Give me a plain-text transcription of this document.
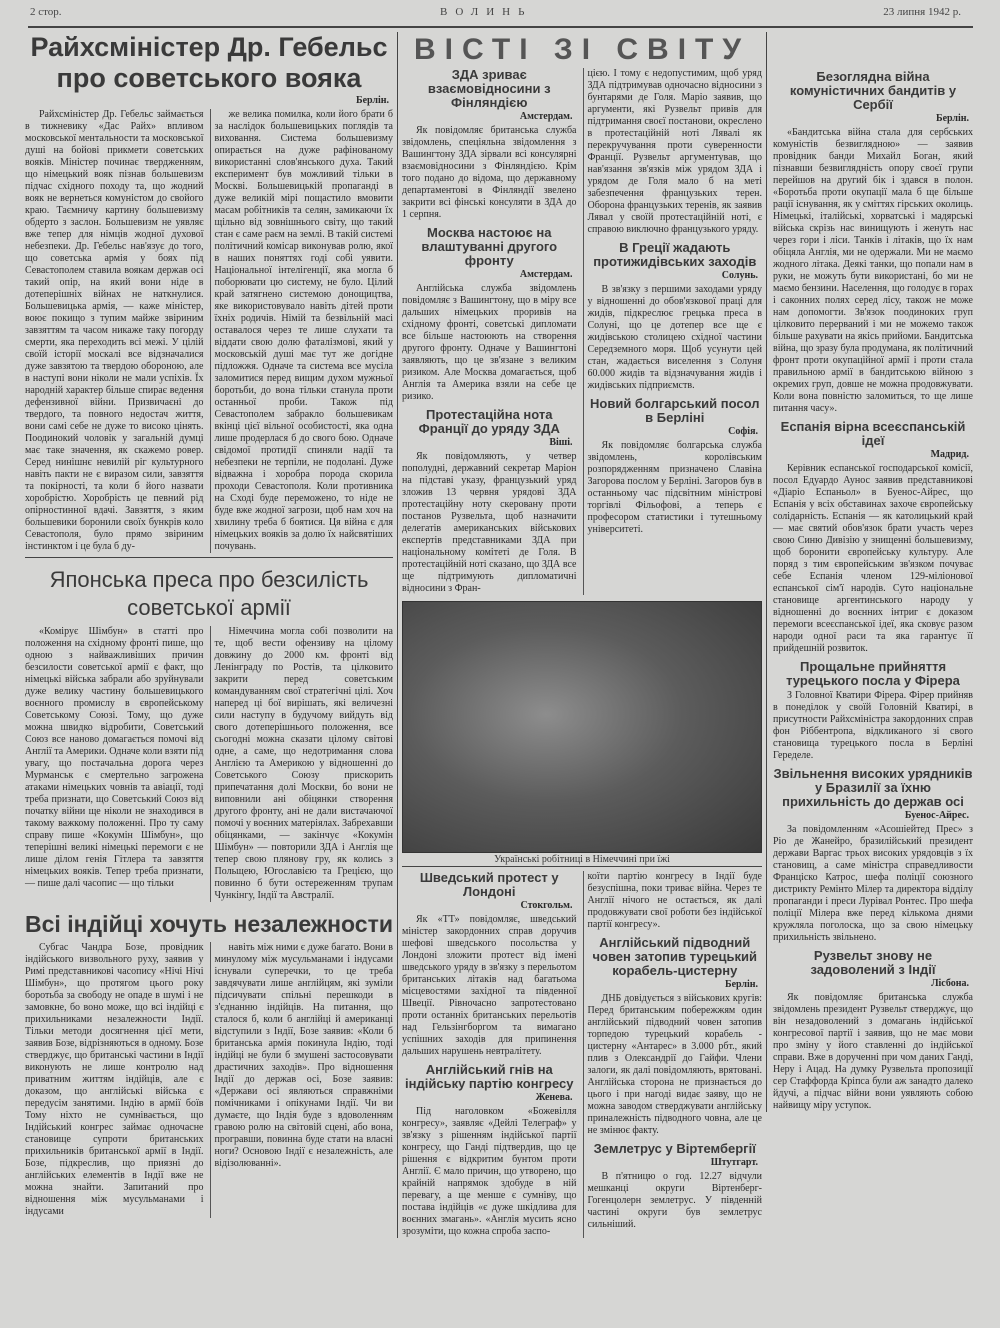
2 стор.	ВОЛИНЬ	23 липня 1942 р.
Райхсміністер Др. Гебельс про советського вояка
Берлін.

Райхсміністер Др. Гебельс займається в тижневику «Дас Райх» впливом московської ментальности та московської душі на бойові прикмети советських вояків. Міністер починає твердженням, що німецький вояк пізнав большевизм підчас східного походу та, що жодний вояк не вернеться комуністом до свойого краю. Таємничу картину большевизму обдерто з заслон. Большевизм не уявляє вже тепер для німців жодної духової небезпеки. Др. Гебельс нав'язує до того, що советська армія у боях під Севастополем ставила воякам держав осі такий опір, на який вони ніде в дотеперішніх війнах не наткнулися. Большевицька армія, — каже міністер, воює покищо з тупим майже звіриним завзяттям та часом никаже таку погорду смерти, яка переходить всі межі. У цілій своїй історії москалі все відзначалися дуже завзятою та твердою обороною, але в наступі вони ніколи не мали успіхів. Їх народній характер більше спирає ведення дефензивної війни. Призвичаєні до твердого, та повного недостач життя, вони самі себе не дуже то високо цінять. Поодинокий чоловік у загальній думці має таке значення, як скажемо ровер. Серед нинішнє невилій ріг культурного навіть пакти не є виразом сили, завзяття та покірності, та коли б його назвати хоробрістю. Хоробрість це певний рід опірностинної вдачі. Завзяття, з яким большевики боронили своїх бункрів коло Севастополя, було прямо звіриним інстинктом і це була б ду-

же велика помилка, коли його брати б за наслідок большевицьких поглядів та виховання. Система большевизму опирається на дуже рафінованому використанні слов'янського духа. Такий експеримент був можливий тільки в Москві. Большевицькій пропаганді в дуже великій мірі пощастило вмовити масам робітників та селян, замикаючи їх щільно від зовнішнього світу, що такий стан є саме раєм на землі. В такій системі політичний комісар виконував ролю, якої в наших поняттях годі собі уявити. Національної інтелігенції, яка могла б поборювати цю систему, не було. Цілий край затягнено системою донощицтва, яке використовувало навіть дітей проти їхніх родичів. Німій та безвільній масі оставалося через те лише слухати та віддати свою долю фаталізмові, який у московській душі має тут же догідне підложжя. Одначе та система все мусіла заломитися перед вищим духом мужньої боротьби, до вона тільки станула проти останньої проби. Також під Севастополем забракло большевикам вкінці цієї вільної особистості, яка одна лише продерлася б до свого бою. Одначе свідомої протидії спиняли надії та небезпеки не терпіли, не подолані. Дуже відважна і хоробра порода скорила проходи Севастополя. Коли противника на Сході буде переможено, то ніде не буде вже жодної загрози, щоб нам хоч на хвилину треба б боятися. Ця війна є для німецьких вояків за долю їх найсвятіших почувань.

Японська преса про безсилість советської армії

«Комірує Шімбун» в статті про положення на східному фронті пише, що одною з найважливіших причин безсилости советської армії є факт, що німецькі війська забрали або зруйнували дуже велику частину большевицького воєнного промислу в європейському Советському Союзі. Тому, що дуже можна швидко відробити, Советський Союз все наново домагається помочі від Англії та Америки. Одначе коли взяти під увагу, що постачальна дорога через Мурманськ є смертельно загрожена атаками німецьких човнів та авіації, тоді треба признати, що Советський Союз від початку війни ще ніколи не знаходився в такому важкому положенні. Про ту саму справу пише «Кокумін Шімбун», що теперішні великі німецькі перемоги є не лише ділом генія Гітлера та завзяття німецьких вояків. Тепер треба признати, — пише далі часопис — що тільки

Німеччина могла собі позволити на те, щоб вести офензиву на цілому довжину до 2000 км. фронті від Ленінграду по Ростів, та цілковито закрити перед советським командуванням свої стратегічні цілі. Хоч наперед ці бої вирішать, які величезні сили наступу в будучому вийдуть від свого дотеперішнього положення, все сьогодні можна сказати цілому світові одне, а саме, що недотримання слова Англією та Америкою у відношенні до Советського Союзу прискорить припечатання долі Москви, бо вони не виповнили ані обіцянки створення другого фронту, ані не дали вистачаючої помочі у воєнних матеріялах. Забрехавши обіцянками, — закінчує «Кокумін Шімбун» — повторили ЗДА і Англія ще тепер свою плянову гру, як колись з Польщею, Югославією та Грецією, що повинно б бути остереженням трупам Чункінгу, Індії та Австралії.

Всі індійці хочуть незалежности

Субгас Чандра Бозе, провідник індійського визвольного руху, заявив у Римі представникові часопису «Нічі Нічі Шімбун», що протягом цього року боротьба за свободу не опаде в шумі і не замовкне, бо воно може, що всі індійці є прихильниками незалежности Індії. Тільки методи досягнення цієї мети, заявив Бозе, відрізняються в одному. Бозе стверджує, що британські частини в Індії виконують не лише контролю над приватним життям індійців, але є доказом, що англійські війська є передусім занятими. Індію в армії боїв Тому ніхто не сумнівається, що Індійський конгрес займає одночасне становище супроти британських прихильників британської армії в Індії. Бозе, підкреслив, що приязні до англійських елементів в Індії вже не можна знайти. Запитаний про відношення між мусульманами і індусами

навіть між ними є дуже багато. Вони в минулому між мусульманами і індусами існували суперечки, то це треба завдячувати лише англійцям, які зуміли підсичувати спільні перешкоди в з'єднанню індійців. На питання, що сталося б, коли б англійці й американці відступили з Індії, Бозе заявив: «Коли б британська армія покинула Індію, тоді індійці не були б змушені застосовувати драстичних заходів». Про відношення Індії до держав осі, Бозе заявив: «Держави осі являються справжніми помічниками і опікунами Індії. Чи ви думаєте, що Індія буде з вдоволенням гравою ролю на світовій сцені, або вона, програвши, повинна буде стати на власні ноги? Основою Індії є незалежність, але відізолюванні».

ВІСТІ ЗІ СВІТУ
ЗДА зриває взаємовідносини з Фінляндією
Амстердам.

Як повідомляє британська служба звідомлень, спеціяльна звідомлення з Вашингтону ЗДА зірвали всі консулярні взаємовідносини з Фінляндією. Крім того подано до відома, що державному департаментові в Фінляндії звелено закрити всі фінські консуляти в ЗДА до 1 серпня.

Москва настоює на влаштуванні другого фронту
Амстердам.

Англійська служба звідомлень повідомляє з Вашингтону, що в міру все дальших німецьких проривів на східному фронті, советські дипломати все більше настоюють на створення другого фронту. Одначе у Вашингтоні заявляють, що це зв'язане з великим ризиком. Але Москва домагається, щоб Англія та Америка взяли на себе це ризико.

Протестаційна нота Франції до уряду ЗДА
Віші.

Як повідомляють, у четвер пополудні, державний секретар Маріон на підставі указу, французький уряд зложив 13 червня урядові ЗДА протестаційну ноту скеровану проти постанов Рузвельта, щоб назначити делегатів американських військових експертів представниками ЗДА при національному комітеті де Голя. В протестаційній ноті сказано, що ЗДА все ще підтримують дипломатичні відносини з Фран-

цією. І тому є недопустимим, щоб уряд ЗДА підтримував одночасно відносини з бунтарями де Голя. Маріо заявив, що аргументи, які Рузвельт привів для підтримання своєї постанови, окреслено в протестаційній ноті Лявалі як перекручування проти суверенности Франції. Рузвельт аргументував, що нав'язання зв'язків між урядом ЗДА і урядом де Голя мало б на меті забезпечення французьких терен. Оборона французьких теренів, як заявив Лявал у своїй протестаційній ноті, є справою виключно французького уряду.

В Греції жадають протижидівських заходів
Солунь.

В зв'язку з першими заходами уряду у відношенні до обов'язкової праці для жидів, підкреслює грецька преса в Солуні, що це дотепер все ще є жидівською столицею східної частини Середземного моря. Щоб усунути цей стан, жадається виселення з Солуня 60.000 жидів та відзначування жидів і жидівських підприємств.

Новий болгарський посол в Берліні
Софія.

Як повідомляє болгарська служба звідомлень, королівським розпорядженням призначено Славіна Загорова послом у Берліні. Загоров був в останньому час підсвітним міністрові торгівлі Фільофові, а теперь є професором статистики і тутешньому університеті.

Українські робітниці в Німеччині при їжі
Шведський протест у Лондоні
Стокгольм.

Як «ТТ» повідомляє, шведський міністер закордонних справ доручив шефові шведського посольства у Лондоні зложити протест від імені шведського уряду в зв'язку з перельотом британських літаків над багатьома місцевостями західної та південної Швеції. Рівночасно запротестовано проти останніх британських перельотів над Гельзінгборгом та вимагано успішних заходів для припинення дальших нарушень невтралітету.

Англійський гнів на індійську партію конгресу
Женева.

Під наголовком «Божевілля конгресу», заявляє «Дейлі Телеграф» у зв'язку з рішенням індійської партії конгресу, що Ганді підтвердив, що це рішення є відкритим бунтом проти Англії. Є мало причин, що утворено, що крайній напрямок здобуде в ній перевагу, а ще менше є сумніву, що постава індійців «є дуже шкідлива для воєнних змагань». «Англія мусить ясно зрозуміти, що кожна спроба заспо-

коїти партію конгресу в Індії буде безуспішна, поки триває війна. Через те Англії нічого не остається, як далі продовжувати свої роботи без індійської партії конгресу».

Англійський підводний човен затопив турецький корабель-цистерну
Берлін.

ДНБ довідується з військових кругів: Перед британським побережжям один англійський підводний човен затопив торпедою турецький корабель - цистерну «Антарес» в 3.000 рбт., який плив з Олександрії до Гайфи. Члени залоги, як далі повідомляють, врятовані. Англійська сторона не признається до цього і при нагоді видає заяву, що не можна заводом стверджувати англійську приналежність підводного човна, але це не змінює факту.

Землетрус у Віртембергії
Штутгарт.

В п'ятницю о год. 12.27 відчули мешканці округи Віртенберг-Гогенцолерн землетрус. У південній частині округи був землетрус сильніший.

Безоглядна війна комуністичних бандитів у Сербії
Берлін.

«Бандитська війна стала для сербських комуністів безвиглядною» — заявив провідник банди Михайл Боган, який пізнавши безвиглядність опору своєї групи перейшов на другий бік і здався в полон. «Боротьба проти окупації мала б ще більше рації існування, як у сміттях гірських околиць. Німецькі, італійські, хорватські і мадярські війська скрізь нас винищують і женуть нас через гори і ліси. Танків і літаків, що їх нам обіцяла Англія, ми не одержали. Ми не маємо жодного літака. Деякі танки, що попали нам в руки, не можуть бути використані, бо ми не маємо бензини. Населення, що голодує в горах і саконних полях серед лісу, також не може нам допомогти. Зв'язок поодиноких груп цілковито перерваний і ми не можемо також більше рахувати на якісь прийоми. Бандитська війна, що зразу була продумана, як політичний фронт проти окупаційної армії і проти стала правильною армії в бандитською війною з окремих груп, довше не можна продовжувати. Коли вона повністю заломиться, то ще лише питання часу».

Еспанія вірна всеєспанській ідеї
Мадрид.

Керівник еспанської господарської комісії, посол Едуардо Аунос заявив представникові «Діаріо Еспаньол» в Буенос-Айрес, що Еспанія у всіх обставинах захоче європейську солідарність. Еспанія — як католицький край — має святий обов'язок брати участь через свою Синю Дивізію у знищенні большевизму, щоб боронити європейську культуру. Але поряд з тим європейським зв'язком почуває себе Еспанія членом 129-міліонової еспанської сім'ї народів. Суто національне становище аргентинського народу у відношенні до воєнних інтриг є доказом перемоги всеєспанської ідеї, яка сковує разом народи одної раси та яка гарантує її прийдешній розвиток.

Прощальне прийняття турецького посла у Фірера

З Головної Кватири Фірера. Фірер прийняв в понеділок у своїй Головній Кватирі, в присутности Райхсміністра закордонних справ фон Ріббентропа, відкликаного зі свого становища турецького посла в Берліні Геределе.

Звільнення високих урядників у Бразилії за їхню прихильність до держав осі
Буенос-Айрес.

За повідомленням «Асошіейтед Прес» з Ріо де Жанейро, бразилійський президент держави Варгас трьох високих урядовців з їх становищ, а саме міністра справедливости Франціско Катрос, шефа поліції союзного дистрикту Ремінто Мілер та директора відділу пропаганди і преси Лурівал Ронтес. Про шефа поліції Мілера вже перед кількома днями кружляла поголоска, що за свою німецьку прихильність звільнено.

Рузвельт знову не задоволений з Індії
Лісбона.

Як повідомляє британська служба звідомлень президент Рузвельт стверджує, що він незадоволений з домагань індійської конгресової партії і заявив, що не має мови про зміну у його ставленні до індійської справи. Вже в дорученні при чом даних Ганді, Неру і Ацад. На думку Рузвельта пропозиції сер Стаффорда Кріпса були аж занадто далеко йдучі, а підчас війни вони уявляють собою найвищу міру уступок.
